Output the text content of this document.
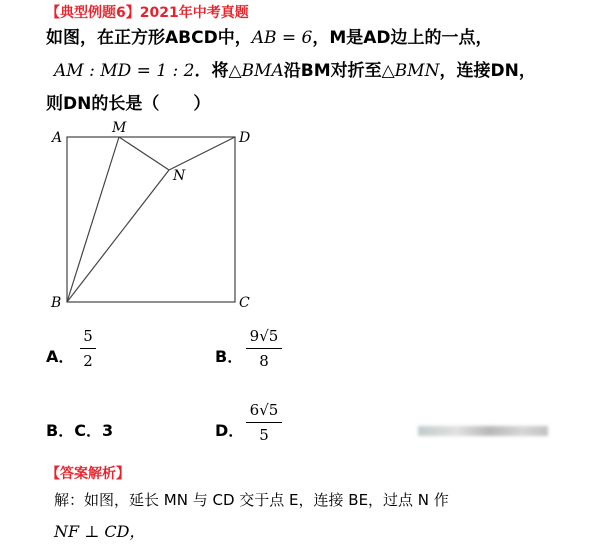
【典型例题6】2021年中考真题
如图，在正方形ABCD中，AB = 6，M是AD边上的一点，
AM : MD = 1 : 2．将△BMA沿BM对折至△BMN，连接DN，
则DN的长是（　　）
A
M
D
N
B	C
A．
5
2	B．
9√5
8
B．C．3	D．
6√5
5
【答案解析】
解：如图，延长 MN 与 CD 交于点 E，连接 BE，过点 N 作
NF ⊥ CD，
